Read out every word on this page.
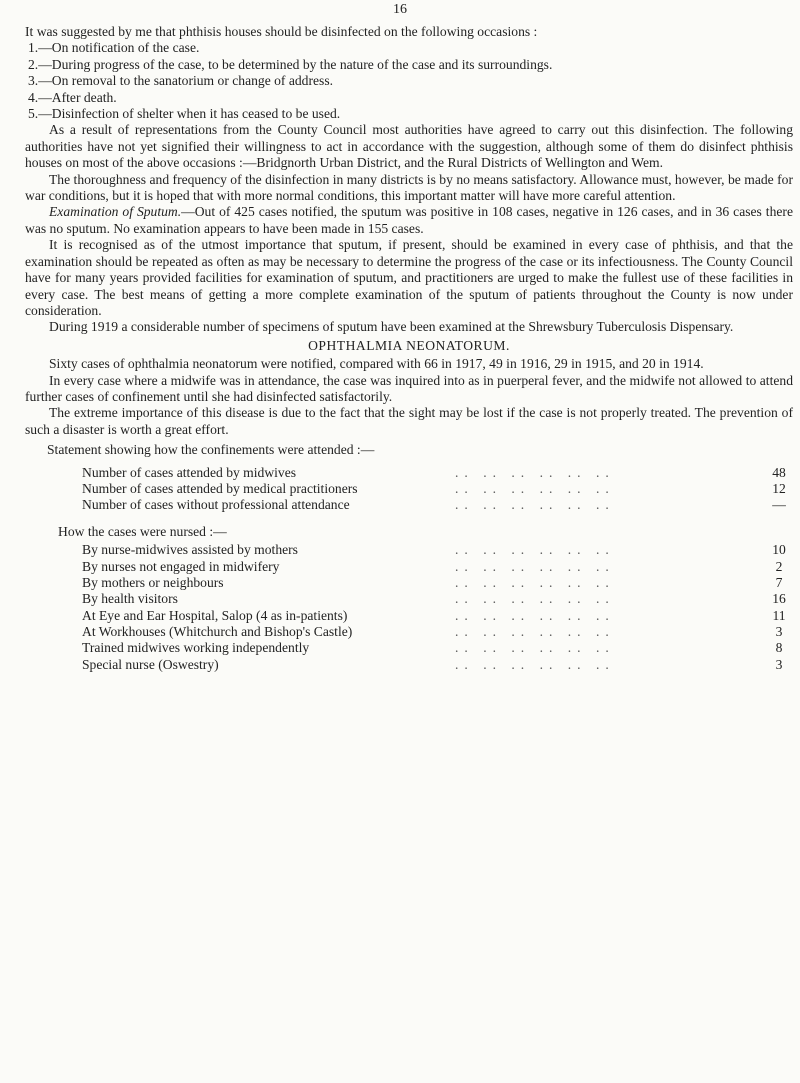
16

It was suggested by me that phthisis houses should be disinfected on the following occasions :

1.—On notification of the case.

2.—During progress of the case, to be determined by the nature of the case and its surroundings.

3.—On removal to the sanatorium or change of address.

4.—After death.

5.—Disinfection of shelter when it has ceased to be used.

As a result of representations from the County Council most authorities have agreed to carry out this disinfection. The following authorities have not yet signified their willingness to act in accordance with the suggestion, although some of them do disinfect phthisis houses on most of the above occasions :—Bridgnorth Urban District, and the Rural Districts of Wellington and Wem.

The thoroughness and frequency of the disinfection in many districts is by no means satisfactory. Allowance must, however, be made for war conditions, but it is hoped that with more normal conditions, this important matter will have more careful attention.

Examination of Sputum.—Out of 425 cases notified, the sputum was positive in 108 cases, negative in 126 cases, and in 36 cases there was no sputum. No examination appears to have been made in 155 cases.

It is recognised as of the utmost importance that sputum, if present, should be examined in every case of phthisis, and that the examination should be repeated as often as may be necessary to determine the progress of the case or its infectiousness. The County Council have for many years provided facilities for examination of sputum, and practitioners are urged to make the fullest use of these facilities in every case. The best means of getting a more complete examination of the sputum of patients throughout the County is now under consideration.

During 1919 a considerable number of specimens of sputum have been examined at the Shrewsbury Tuberculosis Dispensary.

OPHTHALMIA NEONATORUM.

Sixty cases of ophthalmia neonatorum were notified, compared with 66 in 1917, 49 in 1916, 29 in 1915, and 20 in 1914.

In every case where a midwife was in attendance, the case was inquired into as in puerperal fever, and the midwife not allowed to attend further cases of confinement until she had disinfected satisfactorily.

The extreme importance of this disease is due to the fact that the sight may be lost if the case is not properly treated. The prevention of such a disaster is worth a great effort.

Statement showing how the confinements were attended :—

Number of cases attended by midwives	.. .. .. .. .. ..	48
Number of cases attended by medical practitioners	.. .. .. .. .. ..	12
Number of cases without professional attendance	.. .. .. .. .. ..	—

How the cases were nursed :—

By nurse-midwives assisted by mothers	.. .. .. .. .. ..	10
By nurses not engaged in midwifery	.. .. .. .. .. ..	2
By mothers or neighbours	.. .. .. .. .. ..	7
By health visitors	.. .. .. .. .. ..	16
At Eye and Ear Hospital, Salop (4 as in-patients)	.. .. .. .. .. ..	11
At Workhouses (Whitchurch and Bishop's Castle)	.. .. .. .. .. ..	3
Trained midwives working independently	.. .. .. .. .. ..	8
Special nurse (Oswestry)	.. .. .. .. .. ..	3
